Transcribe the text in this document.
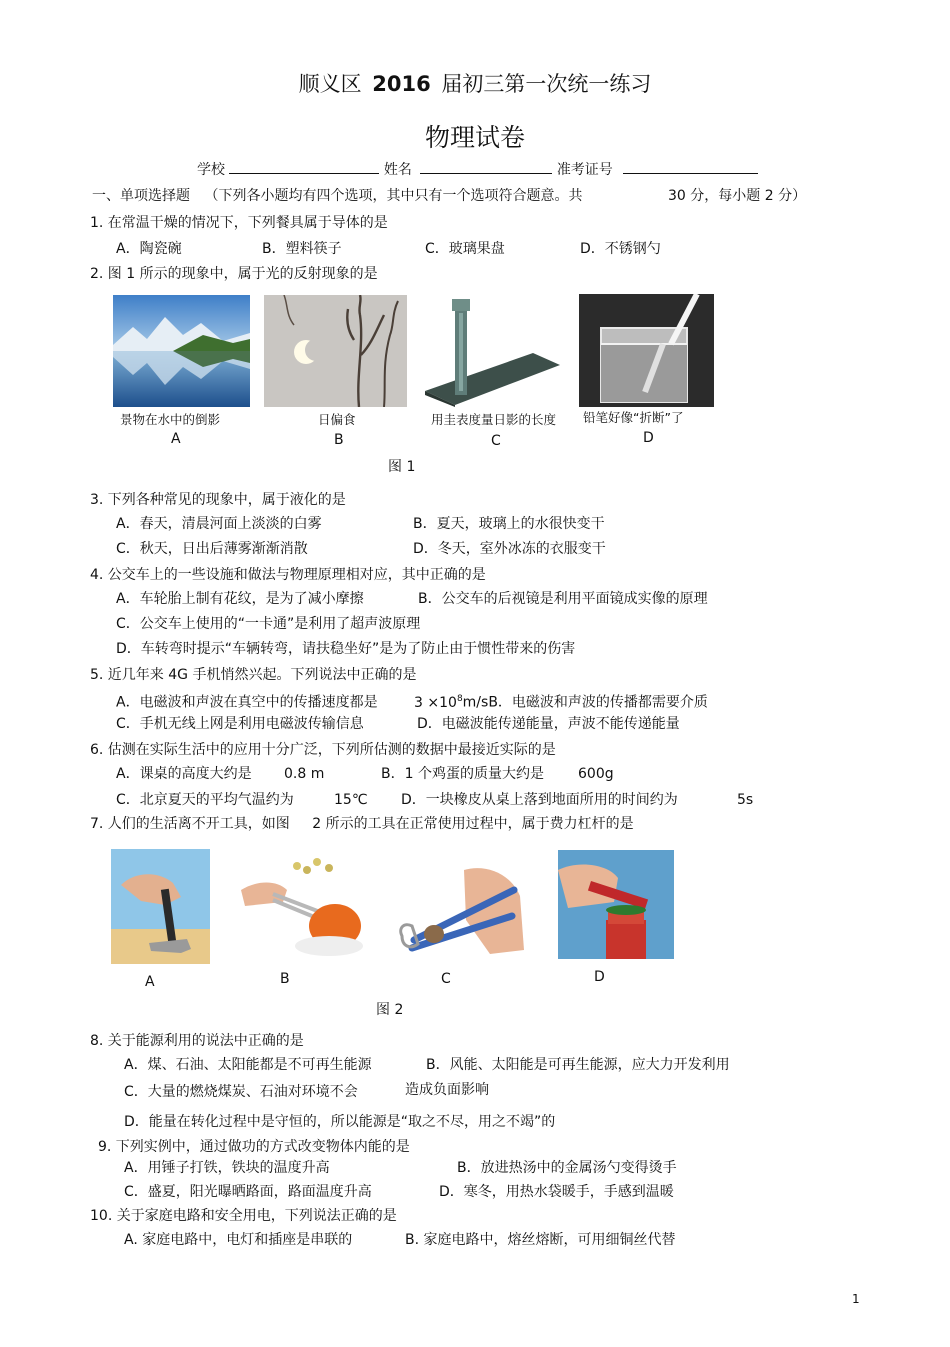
顺义区 2016 届初三第一次统一练习
物理试卷
学校	姓名	准考证号
一、单项选择题 （下列各小题均有四个选项，其中只有一个选项符合题意。共	30 分，每小题 2 分）
1. 在常温干燥的情况下，下列餐具属于导体的是
A．陶瓷碗	B．塑料筷子	C．玻璃果盘	D．不锈钢勺
2. 图 1 所示的现象中，属于光的反射现象的是
景物在水中的倒影	日偏食	用圭表度量日影的长度 铅笔好像“折断”了
A	B	C	D
图 1
3. 下列各种常见的现象中，属于液化的是
A．春天，清晨河面上淡淡的白雾	B．夏天，玻璃上的水很快变干
C．秋天，日出后薄雾渐渐消散	D．冬天，室外冰冻的衣服变干
4. 公交车上的一些设施和做法与物理原理相对应，其中正确的是
A．车轮胎上制有花纹，是为了减小摩擦	B．公交车的后视镜是利用平面镜成实像的原理
C．公交车上使用的“一卡通”是利用了超声波原理
D．车转弯时提示“车辆转弯，请扶稳坐好”是为了防止由于惯性带来的伤害
5. 近几年来 4G 手机悄然兴起。下列说法中正确的是
A．电磁波和声波在真空中的传播速度都是	$3 \times 10^8m/sB$．电磁波和声波的传播都需要介质
C．手机无线上网是利用电磁波传输信息	D．电磁波能传递能量，声波不能传递能量
6. 估测在实际生活中的应用十分广泛，下列所估测的数据中最接近实际的是
A．课桌的高度大约是 0.8 m	B．1 个鸡蛋的质量大约是 600g
C．北京夏天的平均气温约为	15℃ D．一块橡皮从桌上落到地面所用的时间约为	5s
7. 人们的生活离不开工具，如图 2 所示的工具在正常使用过程中，属于费力杠杆的是
A	B	C	D
图 2
8. 关于能源利用的说法中正确的是
A．煤、石油、太阳能都是不可再生能源	B．风能、太阳能是可再生能源，应大力开发利用
C．大量的燃烧煤炭、石油对环境不会	造成负面影响
D．能量在转化过程中是守恒的，所以能源是“取之不尽，用之不竭”的
9. 下列实例中，通过做功的方式改变物体内能的是
A．用锤子打铁，铁块的温度升高	B．放进热汤中的金属汤勺变得烫手
C．盛夏，阳光曝晒路面，路面温度升高	D．寒冬，用热水袋暖手，手感到温暖
10. 关于家庭电路和安全用电，下列说法正确的是
A. 家庭电路中，电灯和插座是串联的	B. 家庭电路中，熔丝熔断，可用细铜丝代替
1
